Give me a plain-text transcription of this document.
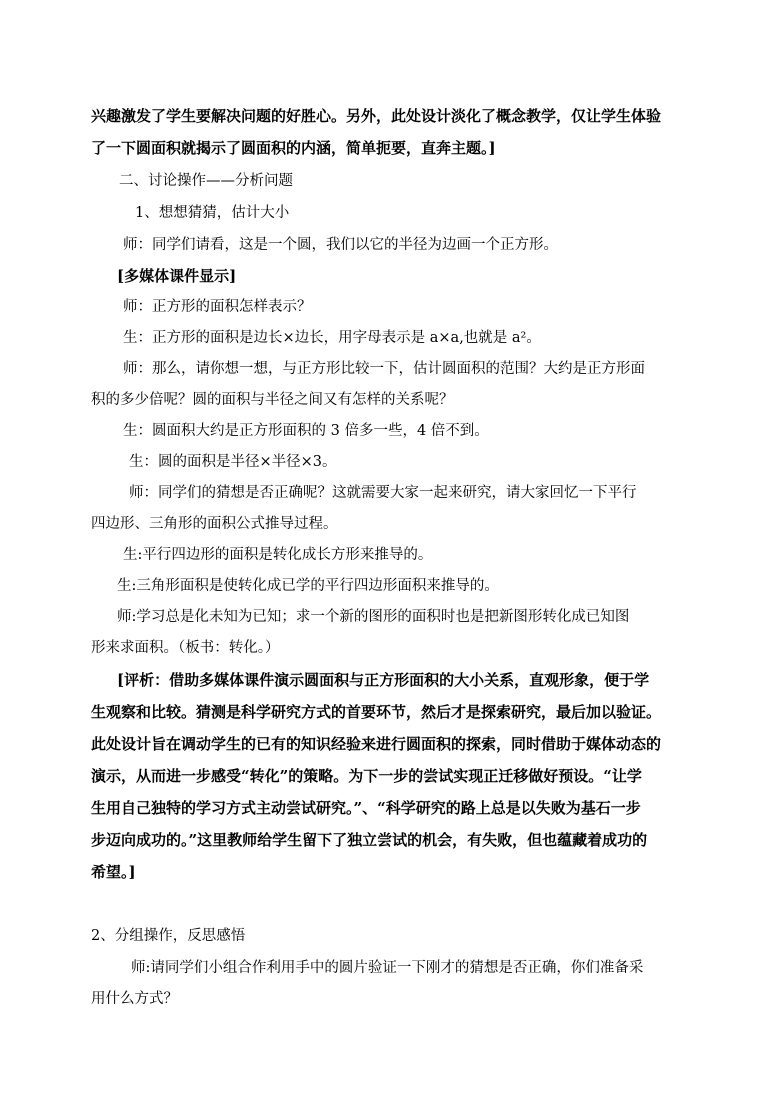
兴趣激发了学生要解决问题的好胜心。另外，此处设计淡化了概念教学，仅让学生体验
了一下圆面积就揭示了圆面积的内涵，简单扼要，直奔主题。]
二、讨论操作——分析问题
1、想想猜猜，估计大小
师：同学们请看，这是一个圆，我们以它的半径为边画一个正方形。
[多媒体课件显示]
师：正方形的面积怎样表示？
生：正方形的面积是边长×边长，用字母表示是 a×a,也就是 a²。
师：那么，请你想一想，与正方形比较一下，估计圆面积的范围？大约是正方形面
积的多少倍呢？圆的面积与半径之间又有怎样的关系呢？
生：圆面积大约是正方形面积的 3 倍多一些，4 倍不到。
生：圆的面积是半径×半径×3。
师：同学们的猜想是否正确呢？这就需要大家一起来研究，请大家回忆一下平行
四边形、三角形的面积公式推导过程。
生:平行四边形的面积是转化成长方形来推导的。
生:三角形面积是使转化成已学的平行四边形面积来推导的。
师:学习总是化未知为已知；求一个新的图形的面积时也是把新图形转化成已知图
形来求面积。（板书：转化。）
[评析：借助多媒体课件演示圆面积与正方形面积的大小关系，直观形象，便于学
生观察和比较。猜测是科学研究方式的首要环节，然后才是探索研究，最后加以验证。
此处设计旨在调动学生的已有的知识经验来进行圆面积的探索，同时借助于媒体动态的
演示，从而进一步感受“转化”的策略。为下一步的尝试实现正迁移做好预设。“让学
生用自己独特的学习方式主动尝试研究。”、“科学研究的路上总是以失败为基石一步
步迈向成功的。”这里教师给学生留下了独立尝试的机会，有失败，但也蕴藏着成功的
希望。]
2、分组操作，反思感悟
师:请同学们小组合作利用手中的圆片验证一下刚才的猜想是否正确，你们准备采
用什么方式？
